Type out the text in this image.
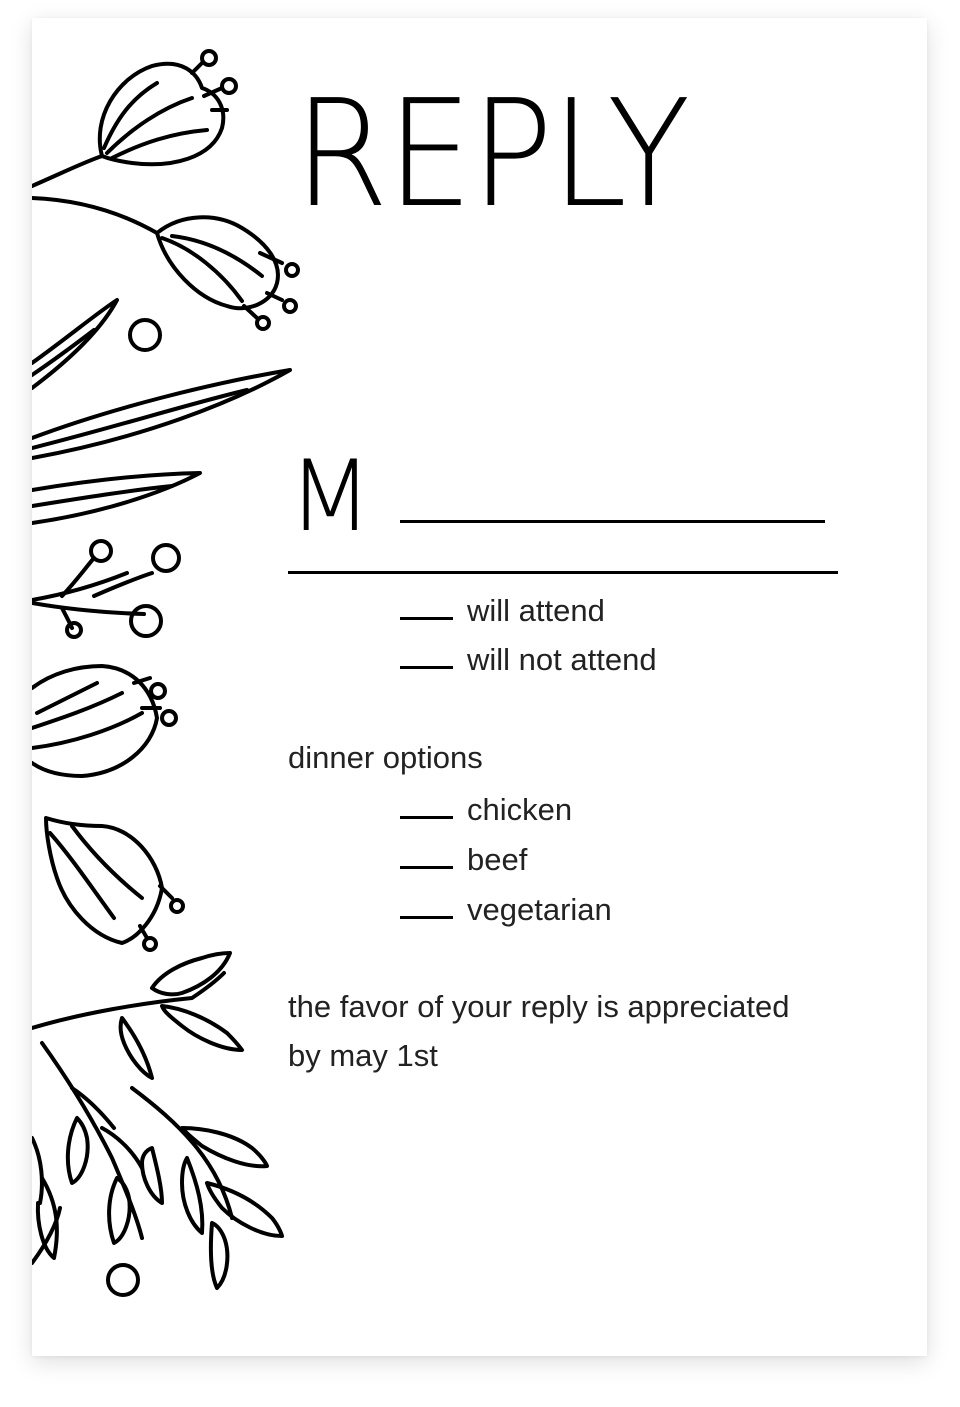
REPLY
M
will attend
will not attend
dinner options
chicken
beef
vegetarian
the favor of your reply is appreciated
by may 1st
